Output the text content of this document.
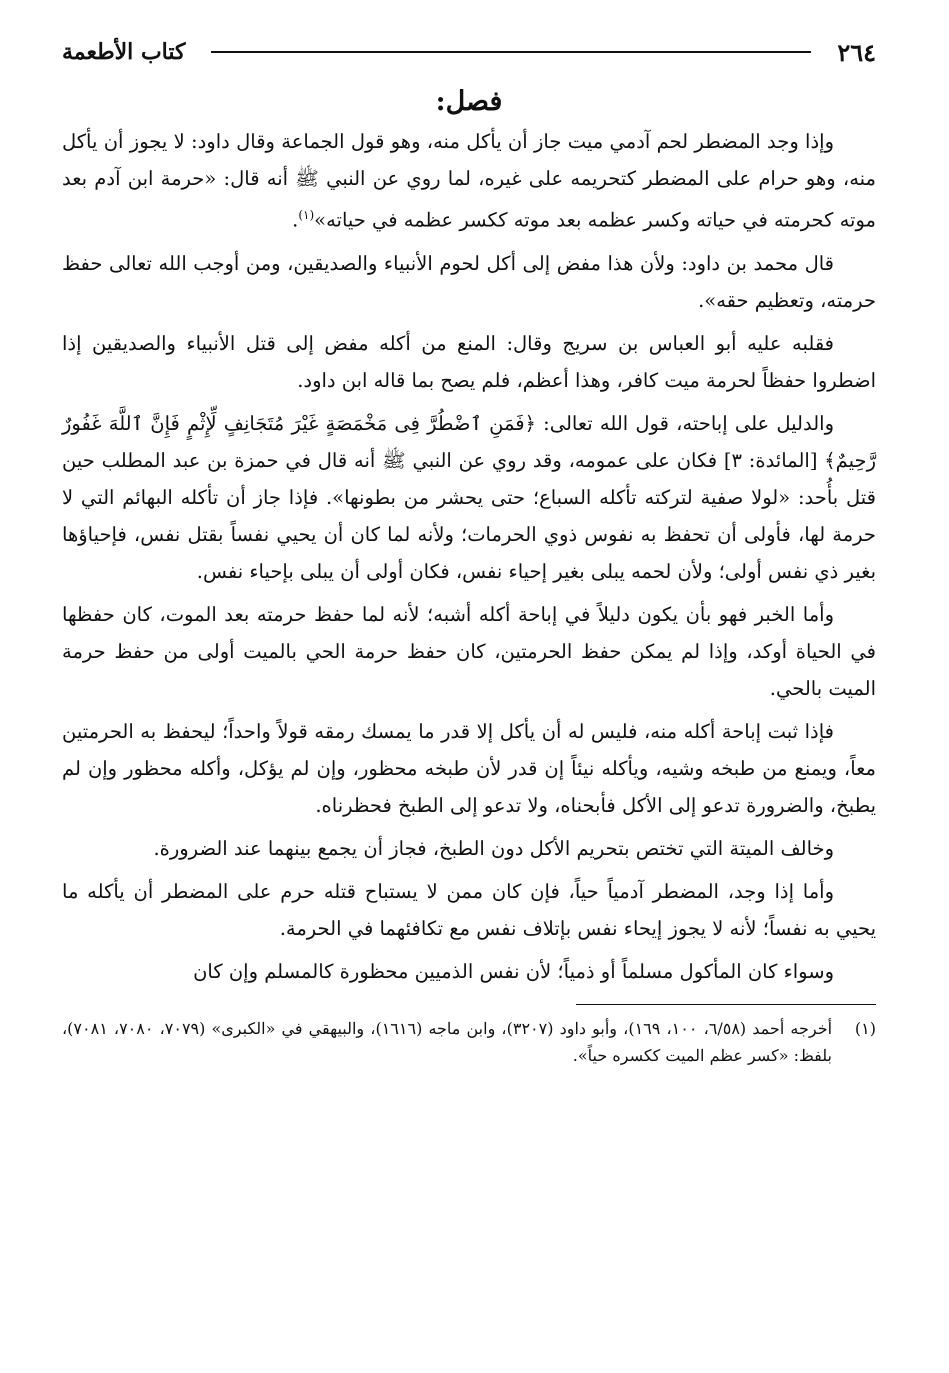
٢٦٤
كتاب الأطعمة
فصل:

وإذا وجد المضطر لحم آدمي ميت جاز أن يأكل منه، وهو قول الجماعة وقال داود: لا يجوز أن يأكل منه، وهو حرام على المضطر كتحريمه على غيره، لما روي عن النبي ﷺ أنه قال: «حرمة ابن آدم بعد موته كحرمته في حياته وكسر عظمه بعد موته ككسر عظمه في حياته»$^{(١)}$.

قال محمد بن داود: ولأن هذا مفض إلى أكل لحوم الأنبياء والصديقين، ومن أوجب الله تعالى حفظ حرمته، وتعظيم حقه».

فقلبه عليه أبو العباس بن سريج وقال: المنع من أكله مفض إلى قتل الأنبياء والصديقين إذا اضطروا حفظاً لحرمة ميت كافر، وهذا أعظم، فلم يصح بما قاله ابن داود.

والدليل على إباحته، قول الله تعالى: ﴿فَمَنِ ٱضْطُرَّ فِى مَخْمَصَةٍ غَيْرَ مُتَجَانِفٍ لِّإِثْمٍ فَإِنَّ ٱللَّهَ غَفُورٌ رَّحِيمٌ﴾ [المائدة: ٣] فكان على عمومه، وقد روي عن النبي ﷺ أنه قال في حمزة بن عبد المطلب حين قتل بأُحد: «لولا صفية لتركته تأكله السباع؛ حتى يحشر من بطونها». فإذا جاز أن تأكله البهائم التي لا حرمة لها، فأولى أن تحفظ به نفوس ذوي الحرمات؛ ولأنه لما كان أن يحيي نفساً بقتل نفس، فإحياؤها بغير ذي نفس أولى؛ ولأن لحمه يبلى بغير إحياء نفس، فكان أولى أن يبلى بإحياء نفس.

وأما الخبر فهو بأن يكون دليلاً في إباحة أكله أشبه؛ لأنه لما حفظ حرمته بعد الموت، كان حفظها في الحياة أوكد، وإذا لم يمكن حفظ الحرمتين، كان حفظ حرمة الحي بالميت أولى من حفظ حرمة الميت بالحي.

فإذا ثبت إباحة أكله منه، فليس له أن يأكل إلا قدر ما يمسك رمقه قولاً واحداً؛ ليحفظ به الحرمتين معاً، ويمنع من طبخه وشيه، ويأكله نيئاً إن قدر لأن طبخه محظور، وإن لم يؤكل، وأكله محظور وإن لم يطبخ، والضرورة تدعو إلى الأكل فأبحناه، ولا تدعو إلى الطبخ فحظرناه.

وخالف الميتة التي تختص بتحريم الأكل دون الطبخ، فجاز أن يجمع بينهما عند الضرورة.

وأما إذا وجد، المضطر آدمياً حياً، فإن كان ممن لا يستباح قتله حرم على المضطر أن يأكله ما يحيي به نفساً؛ لأنه لا يجوز إيحاء نفس بإتلاف نفس مع تكافئهما في الحرمة.

وسواء كان المأكول مسلماً أو ذمياً؛ لأن نفس الذميين محظورة كالمسلم وإن كان

(١)
أخرجه أحمد (٦/٥٨، ١٠٠، ١٦٩)، وأبو داود (٣٢٠٧)، وابن ماجه (١٦١٦)، والبيهقي في «الكبرى» (٧٠٧٩، ٧٠٨٠، ٧٠٨١)، بلفظ: «كسر عظم الميت ككسره حياً».
